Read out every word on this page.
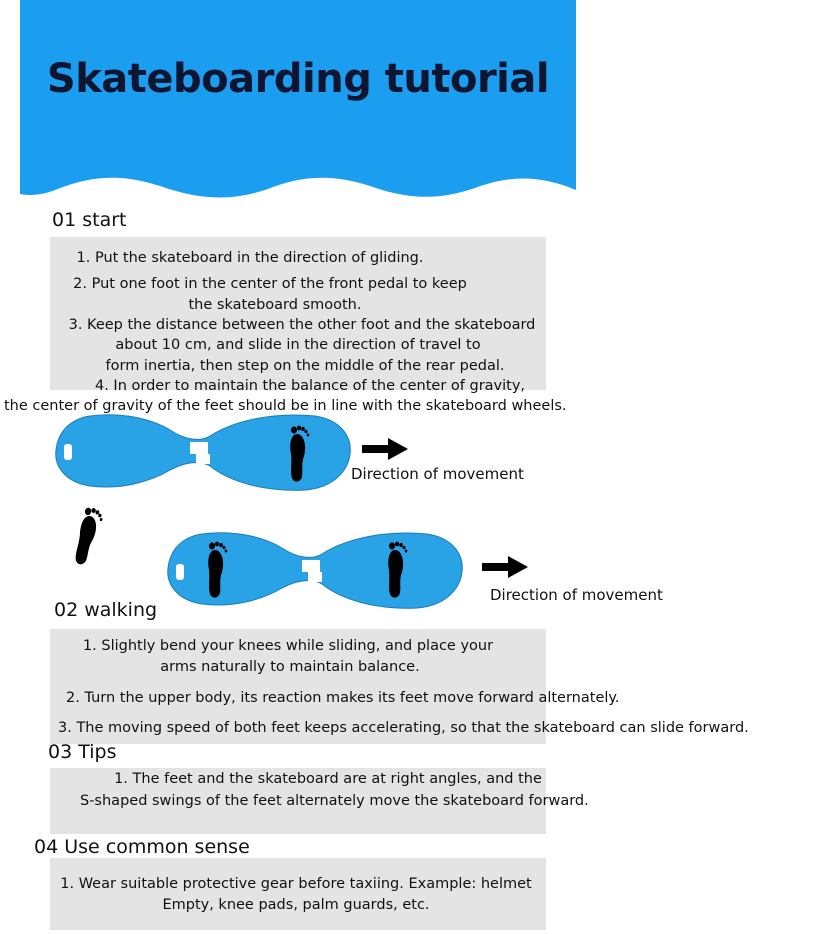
Skateboarding tutorial
01 start
1. Put the skateboard in the direction of gliding.
2. Put one foot in the center of the front pedal to keep
the skateboard smooth.
3. Keep the distance between the other foot and the skateboard
about 10 cm, and slide in the direction of travel to
form inertia, then step on the middle of the rear pedal.
4. In order to maintain the balance of the center of gravity,
the center of gravity of the feet should be in line with the skateboard wheels.
Direction of movement
Direction of movement
02 walking
1. Slightly bend your knees while sliding, and place your
arms naturally to maintain balance.
2. Turn the upper body, its reaction makes its feet move forward alternately.
3. The moving speed of both feet keeps accelerating, so that the skateboard can slide forward.
03 Tips
1. The feet and the skateboard are at right angles, and the
S-shaped swings of the feet alternately move the skateboard forward.
04 Use common sense
1. Wear suitable protective gear before taxiing. Example: helmet
Empty, knee pads, palm guards, etc.
